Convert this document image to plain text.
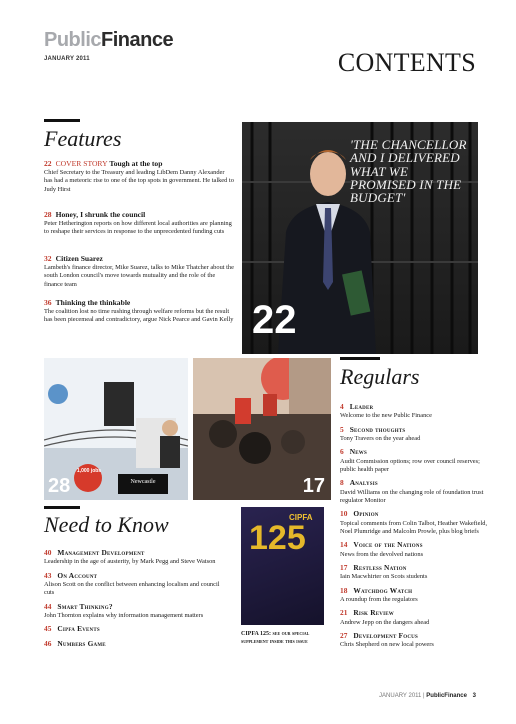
PublicFinance
JANUARY 2011	CONTENTS
Features
22 COVER STORY Tough at the top
Chief Secretary to the Treasury and leading LibDem Danny Alexander has had a meteoric rise to one of the top spots in government. He talked to Judy Hirst
28 Honey, I shrunk the council
Peter Hetherington reports on how different local authorities are planning to reshape their services in response to the unprecedented funding cuts
32 Citizen Suarez
Lambeth's finance director, Mike Suarez, talks to Mike Thatcher about the south London council's move towards mutuality and the role of the finance team
36 Thinking the thinkable
The coalition lost no time rushing through welfare reforms but the result has been piecemeal and contradictory, argue Nick Pearce and Gavin Kelly 22
'THE CHANCELLOR AND I DELIVERED WHAT WE PROMISED IN THE BUDGET'
1,000 jobs
Newcastle
28	17
Regulars
4 Leader
Welcome to the new Public Finance
5 Second thoughts
Tony Travers on the year ahead
6 News
Audit Commission options; row over council reserves; public health paper
8 Analysis
David Williams on the changing role of foundation trust regulator Monitor
10 Opinion
Topical comments from Colin Talbot, Heather Wakefield, Noel Plumridge and Malcolm Prowle, plus blog briefs
14 Voice of the Nations
News from the devolved nations
17 Restless Nation
Iain Macwhirter on Scots students
18 Watchdog Watch
A roundup from the regulators
21 Risk Review
Andrew Jepp on the dangers ahead
27 Development Focus
Chris Shepherd on new local powers
Need to Know
40 Management Development
Leadership in the age of austerity, by Mark Pegg and Steve Watson
43 On Account
Alison Scott on the conflict between enhancing localism and council cuts
44 Smart Thinking?
John Thornton explains why information management matters
45 Cipfa Events
46 Numbers Game
CIPFA
125
CIPFA 125: see our special supplement inside this issue
JANUARY 2011 | PublicFinance 3
